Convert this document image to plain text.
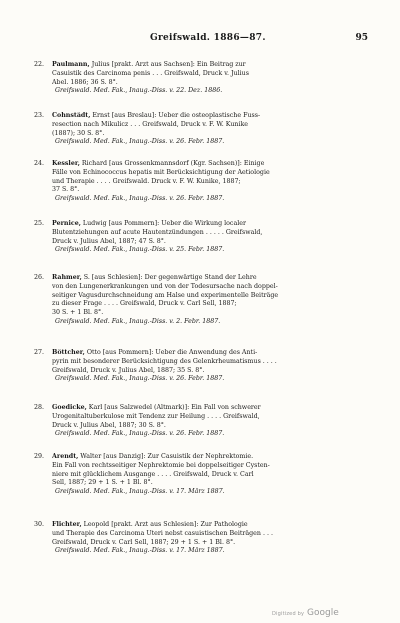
Greifswald. 1886—87.	95
22.	Paulmann, Julius [prakt. Arzt aus Sachsen]: Ein Beitrag zur
Casuistik des Carcinoma penis . . . Greifswald, Druck v. Julius
Abel. 1886; 36 S. 8°.
Greifswald. Med. Fak., Inaug.-Diss. v. 22. Dez. 1886.
23.	Cohnstädt, Ernst [aus Breslau]: Ueber die osteoplastische Fuss-
resection nach Mikulicz . . . Greifswald, Druck v. F. W. Kunike
(1887); 30 S. 8°.
Greifswald. Med. Fak., Inaug.-Diss. v. 26. Febr. 1887.
24.	Kessler, Richard [aus Grossenkmannsdorf (Kgr. Sachsen)]: Einige
Fälle von Echinococcus hepatis mit Berücksichtigung der Aetiologie
und Therapie . . . . Greifswald. Druck v. F. W. Kunike, 1887;
37 S. 8°.
Greifswald. Med. Fak., Inaug.-Diss. v. 26. Febr. 1887.
25.	Pernice, Ludwig [aus Pommern]: Ueber die Wirkung localer
Blutentziehungen auf acute Hautentzündungen . . . . . Greifswald,
Druck v. Julius Abel, 1887; 47 S. 8°.
Greifswald. Med. Fak., Inaug.-Diss. v. 25. Febr. 1887.
26.	Rahmer, S. [aus Schlesien]: Der gegenwärtige Stand der Lehre
von den Lungenerkrankungen und von der Todesursache nach doppel-
seitiger Vagusdurchschneidung am Halse und experimentelle Beiträge
zu dieser Frage . . . . Greifswald, Druck v. Carl Sell, 1887;
30 S. + 1 Bl. 8°.
Greifswald. Med. Fak., Inaug.-Diss. v. 2. Febr. 1887.
27.	Böttcher, Otto [aus Pommern]: Ueber die Anwendung des Anti-
pyrin mit besonderer Berücksichtigung des Gelenkrheumatismus . . . .
Greifswald, Druck v. Julius Abel, 1887; 35 S. 8°.
Greifswald. Med. Fak., Inaug.-Diss. v. 26. Febr. 1887.
28.	Goedicke, Karl [aus Salzwedel (Altmark)]: Ein Fall von schwerer
Urogenitaltuberkulose mit Tendenz zur Heilung . . . . Greifswald,
Druck v. Julius Abel, 1887; 30 S. 8°.
Greifswald. Med. Fak., Inaug.-Diss. v. 26. Febr. 1887.
29.	Arendt, Walter [aus Danzig]: Zur Casuistik der Nephrektomie.
Ein Fall von rechtsseitiger Nephrektomie bei doppelseitiger Cysten-
niere mit glücklichem Ausgange . . . . Greifswald, Druck v. Carl
Sell, 1887; 29 + 1 S. + 1 Bl. 8°.
Greifswald. Med. Fak., Inaug.-Diss. v. 17. März 1887.
30.	Flichter, Leopold [prakt. Arzt aus Schlesien]: Zur Pathologie
und Therapie des Carcinoma Uteri nebst casuistischen Beiträgen . . .
Greifswald, Druck v. Carl Sell, 1887; 29 + 1 S. + 1 Bl. 8°.
Greifswald. Med. Fak., Inaug.-Diss. v. 17. März 1887.
Digitized by Google
